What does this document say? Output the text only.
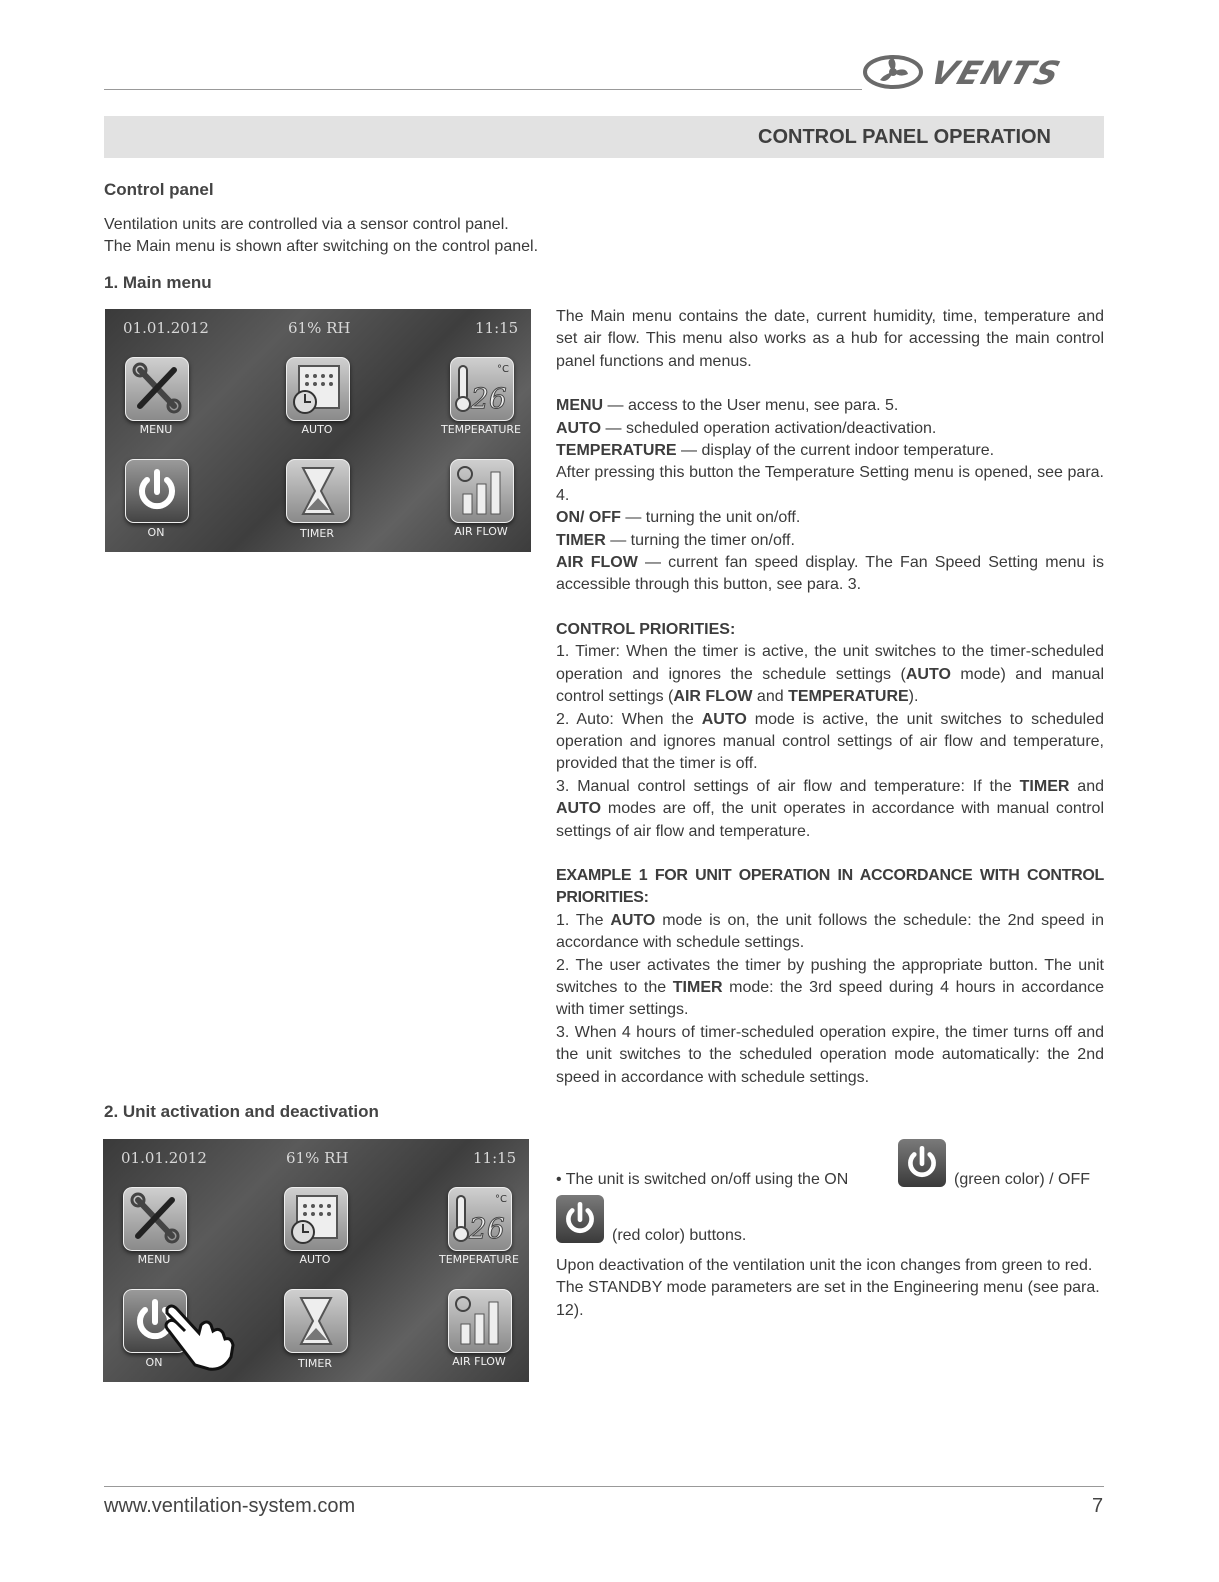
VENTS
CONTROL PANEL OPERATION
Control panel
Ventilation units are controlled via a sensor control panel.
The Main menu is shown after switching on the control panel.
1. Main menu
01.01.2012	61% RH	11:15
MENU	AUTO
°C
26
TEMPERATURE
ON	TIMER	AIR FLOW
The Main menu contains the date, current humidity, time, temperature and set air flow. This menu also works as a hub for accessing the main control panel functions and menus.
MENU — access to the User menu, see para. 5.
AUTO — scheduled operation activation/deactivation.
TEMPERATURE — display of the current indoor temperature.
After pressing this button the Temperature Setting menu is opened, see para. 4.
ON/ OFF — turning the unit on/off.
TIMER — turning the timer on/off.
AIR FLOW — current fan speed display. The Fan Speed Setting menu is accessible through this button, see para. 3.
CONTROL PRIORITIES:
1. Timer: When the timer is active, the unit switches to the timer-scheduled operation and ignores the schedule settings (AUTO mode) and manual control settings (AIR FLOW and TEMPERATURE).
2. Auto: When the AUTO mode is active, the unit switches to scheduled operation and ignores manual control settings of air flow and temperature, provided that the timer is off.
3. Manual control settings of air flow and temperature: If the TIMER and AUTO modes are off, the unit operates in accordance with manual control settings of air flow and temperature.
EXAMPLE 1 FOR UNIT OPERATION IN ACCORDANCE WITH CONTROL PRIORITIES:
1. The AUTO mode is on, the unit follows the schedule: the 2nd speed in accordance with schedule settings.
2. The user activates the timer by pushing the appropriate button. The unit switches to the TIMER mode: the 3rd speed during 4 hours in accordance with timer settings.
3. When 4 hours of timer-scheduled operation expire, the timer turns off and the unit switches to the scheduled operation mode automatically: the 2nd speed in accordance with schedule settings.
2. Unit activation and deactivation
01.01.2012	61% RH	11:15
MENU	AUTO
°C
26
TEMPERATURE
ON	TIMER	AIR FLOW
• The unit is switched on/off using the ON	(green color) / OFF
(red color) buttons.
Upon deactivation of the ventilation unit the icon changes from green to red.
The STANDBY mode parameters are set in the Engineering menu (see para. 12).
www.ventilation-system.com	7
